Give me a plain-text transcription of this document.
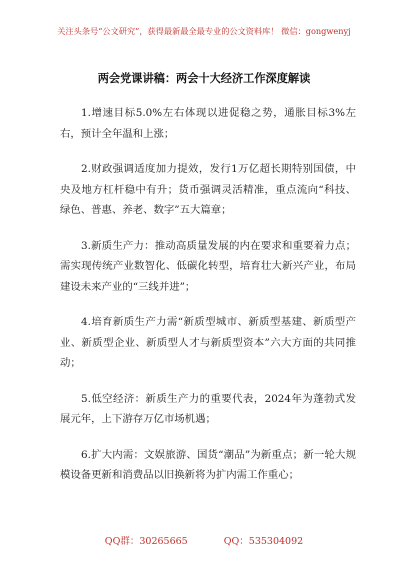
关注头条号“公文研究”，获得最新最全最专业的公文资料库！ 微信：gongwenyj
两会党课讲稿：两会十大经济工作深度解读

1.增速目标5.0%左右体现以进促稳之势，通胀目标3%左右，预计全年温和上涨；

2.财政强调适度加力提效，发行1万亿超长期特别国债，中央及地方杠杆稳中有升；货币强调灵活精准，重点流向“科技、绿色、普惠、养老、数字”五大篇章；

3.新质生产力：推动高质量发展的内在要求和重要着力点；需实现传统产业数智化、低碳化转型，培育壮大新兴产业，布局建设未来产业的“三线并进”；

4.培育新质生产力需“新质型城市、新质型基建、新质型产业、新质型企业、新质型人才与新质型资本”六大方面的共同推动；

5.低空经济：新质生产力的重要代表，2024年为蓬勃式发展元年，上下游存万亿市场机遇；

6.扩大内需：文娱旅游、国货“潮品”为新重点；新一轮大规模设备更新和消费品以旧换新将为扩内需工作重心；

QQ群：30265665	QQ：535304092
